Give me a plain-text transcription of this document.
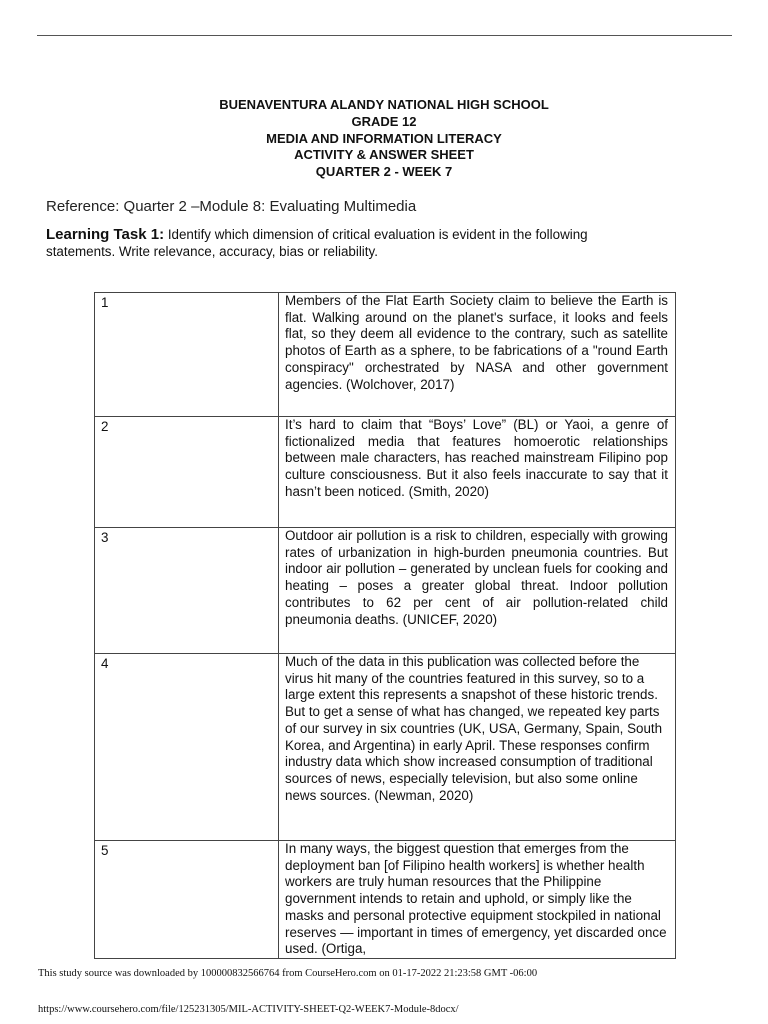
BUENAVENTURA ALANDY NATIONAL HIGH SCHOOL
GRADE 12
MEDIA AND INFORMATION LITERACY
ACTIVITY & ANSWER SHEET
QUARTER 2 - WEEK 7
Reference: Quarter 2 –Module 8: Evaluating Multimedia
Learning Task 1: Identify which dimension of critical evaluation is evident in the following statements. Write relevance, accuracy, bias or reliability.
1	Members of the Flat Earth Society claim to believe the Earth is flat. Walking around on the planet's surface, it looks and feels flat, so they deem all evidence to the contrary, such as satellite photos of Earth as a sphere, to be fabrications of a "round Earth conspiracy" orchestrated by NASA and other government agencies. (Wolchover, 2017)
2	It’s hard to claim that “Boys’ Love” (BL) or Yaoi, a genre of fictionalized media that features homoerotic relationships between male characters, has reached mainstream Filipino pop culture consciousness. But it also feels inaccurate to say that it hasn’t been noticed. (Smith, 2020)
3	Outdoor air pollution is a risk to children, especially with growing rates of urbanization in high-burden pneumonia countries. But indoor air pollution – generated by unclean fuels for cooking and heating – poses a greater global threat. Indoor pollution contributes to 62 per cent of air pollution-related child pneumonia deaths. (UNICEF, 2020)
4	Much of the data in this publication was collected before the virus hit many of the countries featured in this survey, so to a large extent this represents a snapshot of these historic trends. But to get a sense of what has changed, we repeated key parts of our survey in six countries (UK, USA, Germany, Spain, South Korea, and Argentina) in early April. These responses confirm industry data which show increased consumption of traditional sources of news, especially television, but also some online news sources. (Newman, 2020)
5	In many ways, the biggest question that emerges from the deployment ban [of Filipino health workers] is whether health workers are truly human resources that the Philippine government intends to retain and uphold, or simply like the masks and personal protective equipment stockpiled in national reserves — important in times of emergency, yet discarded once used. (Ortiga,
This study source was downloaded by 100000832566764 from CourseHero.com on 01-17-2022 21:23:58 GMT -06:00
https://www.coursehero.com/file/125231305/MIL-ACTIVITY-SHEET-Q2-WEEK7-Module-8docx/
